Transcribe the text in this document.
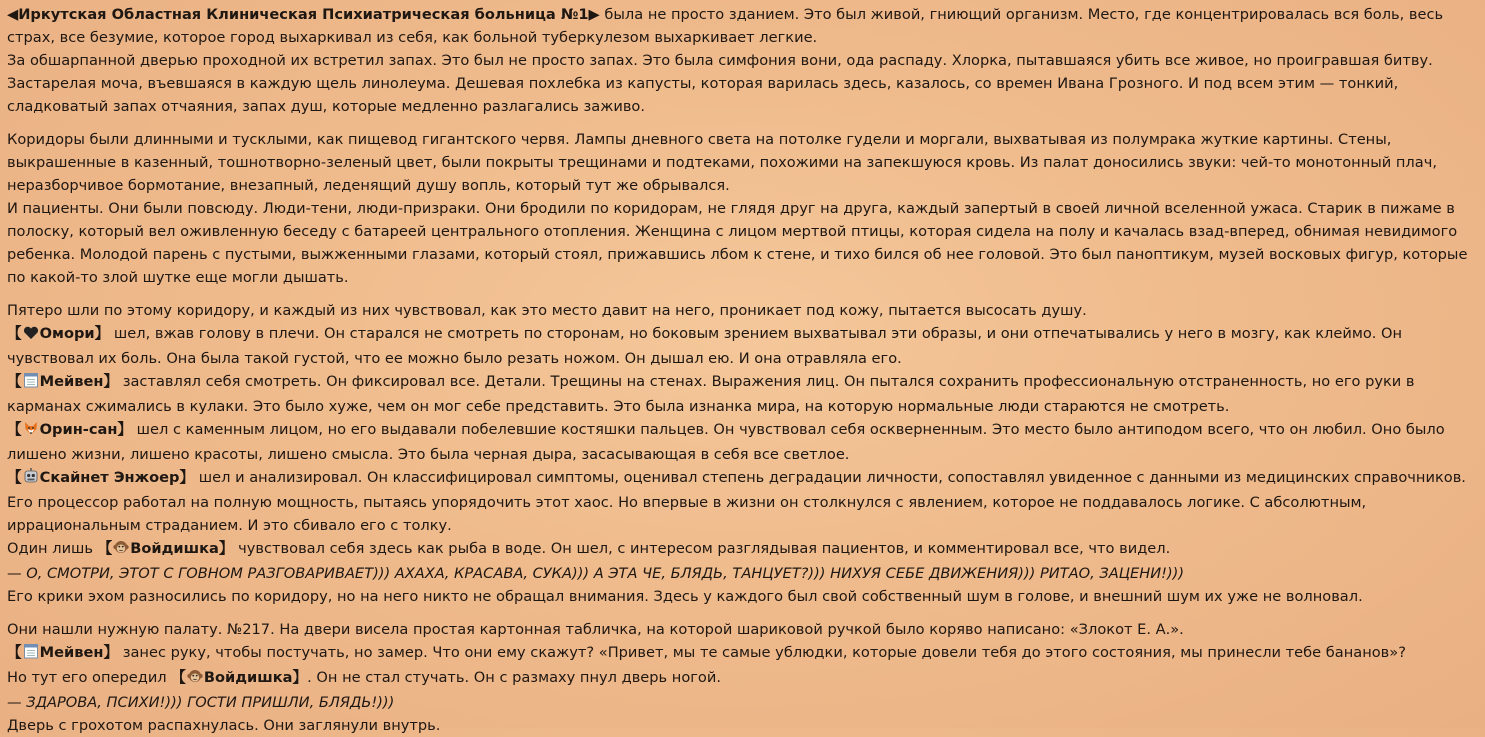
◀Иркутская Областная Клиническая Психиатрическая больница №1▶ была не просто зданием. Это был живой, гниющий организм. Место, где концентрировалась вся боль, весь страх, все безумие, которое город выхаркивал из себя, как больной туберкулезом выхаркивает легкие.

За обшарпанной дверью проходной их встретил запах. Это был не просто запах. Это была симфония вони, ода распаду. Хлорка, пытавшаяся убить все живое, но проигравшая битву. Застарелая моча, въевшаяся в каждую щель линолеума. Дешевая похлебка из капусты, которая варилась здесь, казалось, со времен Ивана Грозного. И под всем этим — тонкий, сладковатый запах отчаяния, запах душ, которые медленно разлагались заживо.

Коридоры были длинными и тусклыми, как пищевод гигантского червя. Лампы дневного света на потолке гудели и моргали, выхватывая из полумрака жуткие картины. Стены, выкрашенные в казенный, тошнотворно-зеленый цвет, были покрыты трещинами и подтеками, похожими на запекшуюся кровь. Из палат доносились звуки: чей-то монотонный плач, неразборчивое бормотание, внезапный, леденящий душу вопль, который тут же обрывался.

И пациенты. Они были повсюду. Люди-тени, люди-призраки. Они бродили по коридорам, не глядя друг на друга, каждый запертый в своей личной вселенной ужаса. Старик в пижаме в полоску, который вел оживленную беседу с батареей центрального отопления. Женщина с лицом мертвой птицы, которая сидела на полу и качалась взад-вперед, обнимая невидимого ребенка. Молодой парень с пустыми, выжженными глазами, который стоял, прижавшись лбом к стене, и тихо бился об нее головой. Это был паноптикум, музей восковых фигур, которые по какой-то злой шутке еще могли дышать.

Пятеро шли по этому коридору, и каждый из них чувствовал, как это место давит на него, проникает под кожу, пытается высосать душу.

【 Омори】 шел, вжав голову в плечи. Он старался не смотреть по сторонам, но боковым зрением выхватывал эти образы, и они отпечатывались у него в мозгу, как клеймо. Он чувствовал их боль. Она была такой густой, что ее можно было резать ножом. Он дышал ею. И она отравляла его.

【 Мейвен】 заставлял себя смотреть. Он фиксировал все. Детали. Трещины на стенах. Выражения лиц. Он пытался сохранить профессиональную отстраненность, но его руки в карманах сжимались в кулаки. Это было хуже, чем он мог себе представить. Это была изнанка мира, на которую нормальные люди стараются не смотреть.

【 Орин-сан】 шел с каменным лицом, но его выдавали побелевшие костяшки пальцев. Он чувствовал себя оскверненным. Это место было антиподом всего, что он любил. Оно было лишено жизни, лишено красоты, лишено смысла. Это была черная дыра, засасывающая в себя все светлое.

【 Скайнет Энжоер】 шел и анализировал. Он классифицировал симптомы, оценивал степень деградации личности, сопоставлял увиденное с данными из медицинских справочников. Его процессор работал на полную мощность, пытаясь упорядочить этот хаос. Но впервые в жизни он столкнулся с явлением, которое не поддавалось логике. С абсолютным, иррациональным страданием. И это сбивало его с толку.

Один лишь 【 Войдишка】 чувствовал себя здесь как рыба в воде. Он шел, с интересом разглядывая пациентов, и комментировал все, что видел.

— О, СМОТРИ, ЭТОТ С ГОВНОМ РАЗГОВАРИВАЕТ))) АХАХА, КРАСАВА, СУКА))) А ЭТА ЧЕ, БЛЯДЬ, ТАНЦУЕТ?))) НИХУЯ СЕБЕ ДВИЖЕНИЯ))) РИТАО, ЗАЦЕНИ!)))

Его крики эхом разносились по коридору, но на него никто не обращал внимания. Здесь у каждого был свой собственный шум в голове, и внешний шум их уже не волновал.

Они нашли нужную палату. №217. На двери висела простая картонная табличка, на которой шариковой ручкой было коряво написано: «Злокот Е. А.».

【 Мейвен】 занес руку, чтобы постучать, но замер. Что они ему скажут? «Привет, мы те самые ублюдки, которые довели тебя до этого состояния, мы принесли тебе бананов»?

Но тут его опередил 【 Войдишка】. Он не стал стучать. Он с размаху пнул дверь ногой.

— ЗДАРОВА, ПСИХИ!))) ГОСТИ ПРИШЛИ, БЛЯДЬ!)))

Дверь с грохотом распахнулась. Они заглянули внутрь.
